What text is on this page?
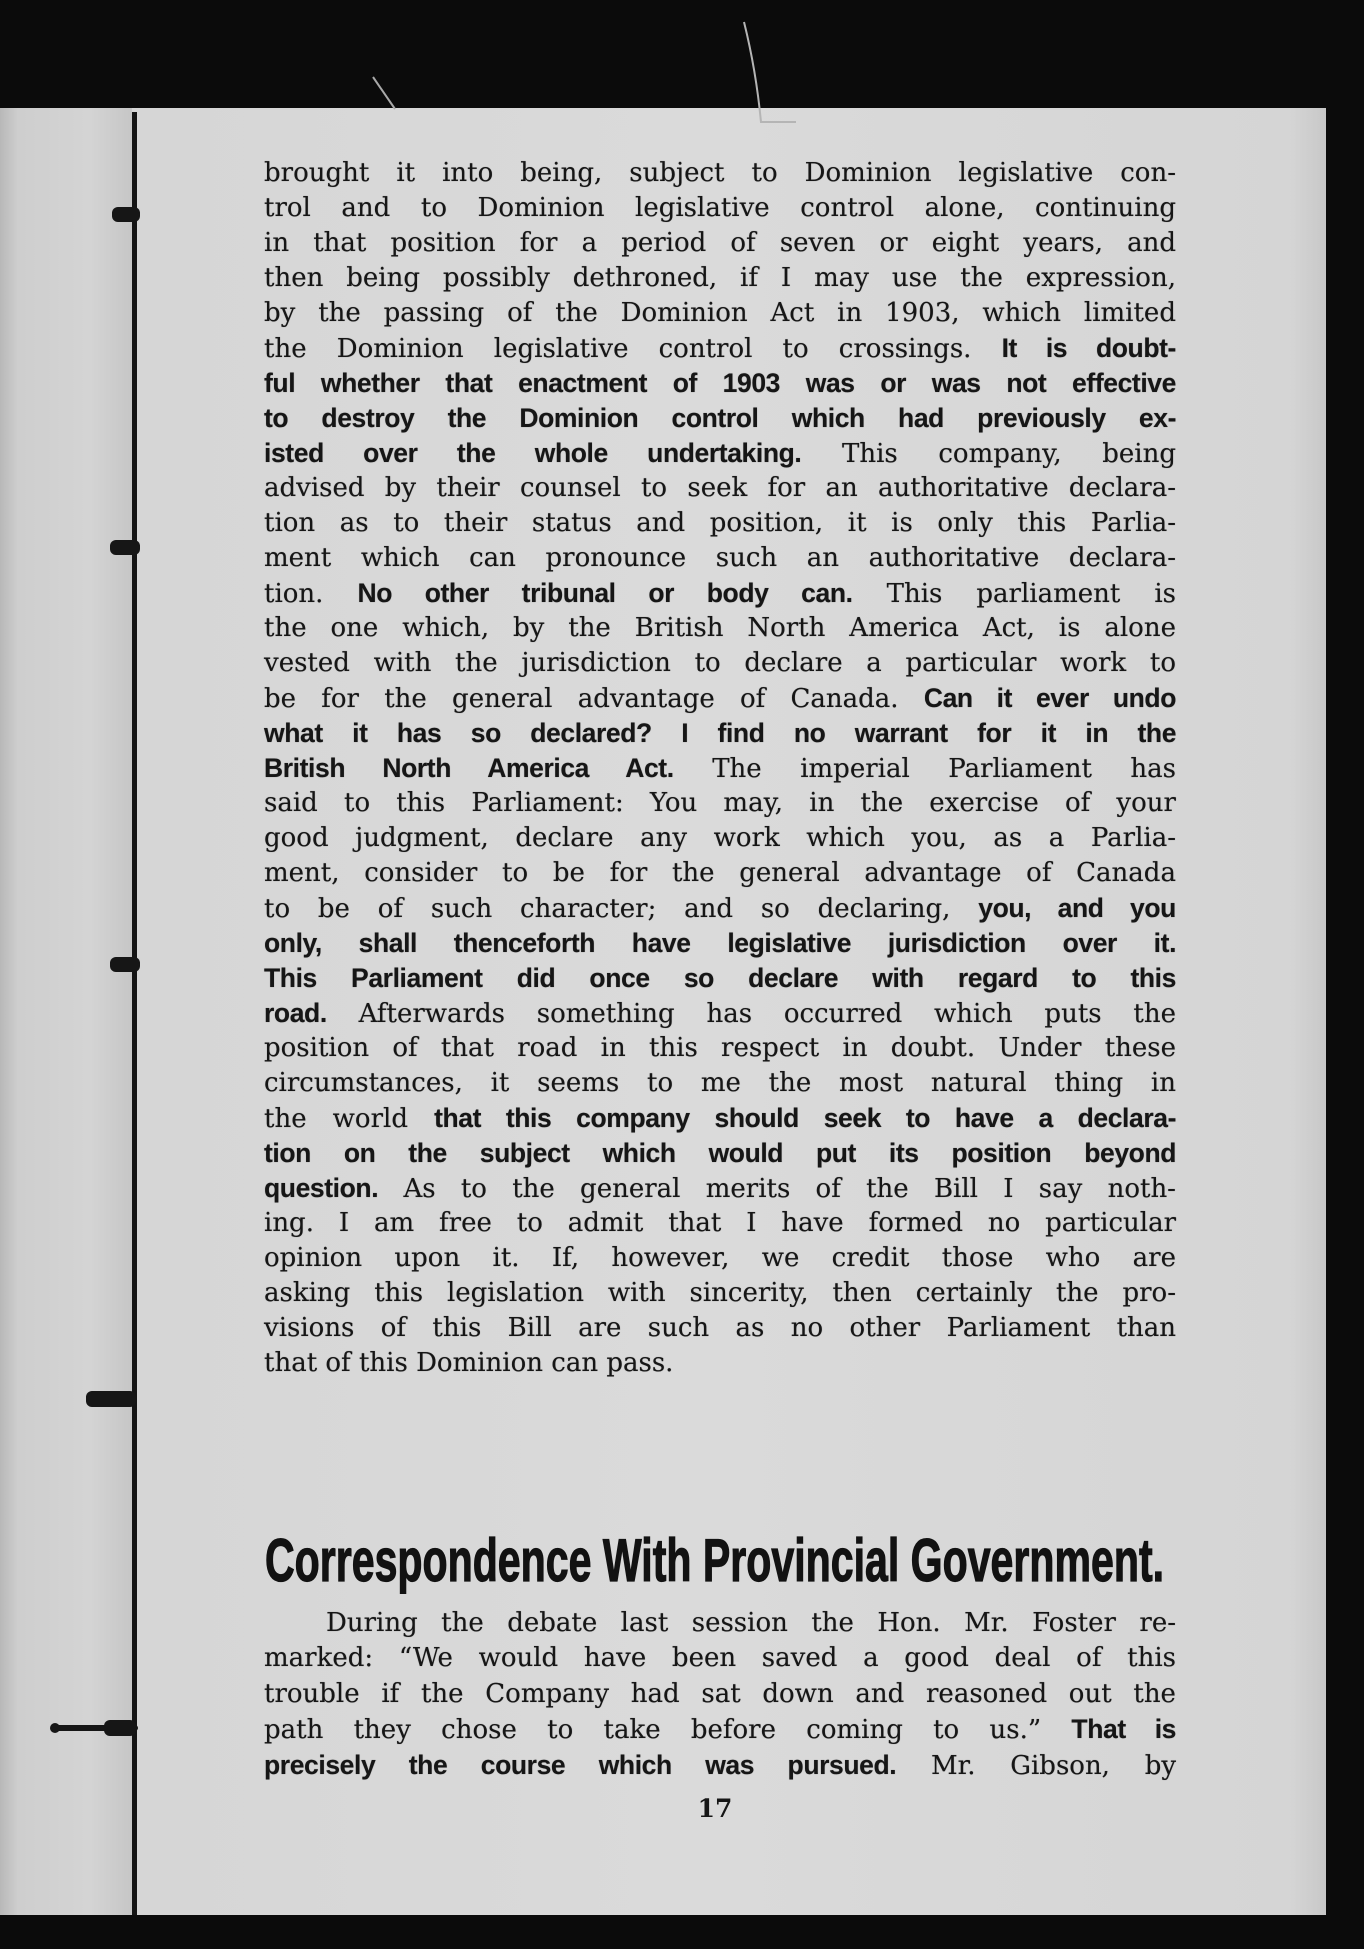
brought it into being, subject to Dominion legislative con-
trol and to Dominion legislative control alone, continuing
in that position for a period of seven or eight years, and
then being possibly dethroned, if I may use the expression,
by the passing of the Dominion Act in 1903, which limited
the Dominion legislative control to crossings. It is doubt-
ful whether that enactment of 1903 was or was not effective
to destroy the Dominion control which had previously ex-
isted over the whole undertaking. This company, being
advised by their counsel to seek for an authoritative declara-
tion as to their status and position, it is only this Parlia-
ment which can pronounce such an authoritative declara-
tion. No other tribunal or body can. This parliament is
the one which, by the British North America Act, is alone
vested with the jurisdiction to declare a particular work to
be for the general advantage of Canada. Can it ever undo
what it has so declared? I find no warrant for it in the
British North America Act. The imperial Parliament has
said to this Parliament: You may, in the exercise of your
good judgment, declare any work which you, as a Parlia-
ment, consider to be for the general advantage of Canada
to be of such character; and so declaring, you, and you
only, shall thenceforth have legislative jurisdiction over it.
This Parliament did once so declare with regard to this
road. Afterwards something has occurred which puts the
position of that road in this respect in doubt. Under these
circumstances, it seems to me the most natural thing in
the world that this company should seek to have a declara-
tion on the subject which would put its position beyond
question. As to the general merits of the Bill I say noth-
ing. I am free to admit that I have formed no particular
opinion upon it. If, however, we credit those who are
asking this legislation with sincerity, then certainly the pro-
visions of this Bill are such as no other Parliament than
that of this Dominion can pass.
Correspondence With Provincial Government.
During the debate last session the Hon. Mr. Foster re-
marked: “We would have been saved a good deal of this
trouble if the Company had sat down and reasoned out the
path they chose to take before coming to us.” That is
precisely the course which was pursued. Mr. Gibson, by
17
